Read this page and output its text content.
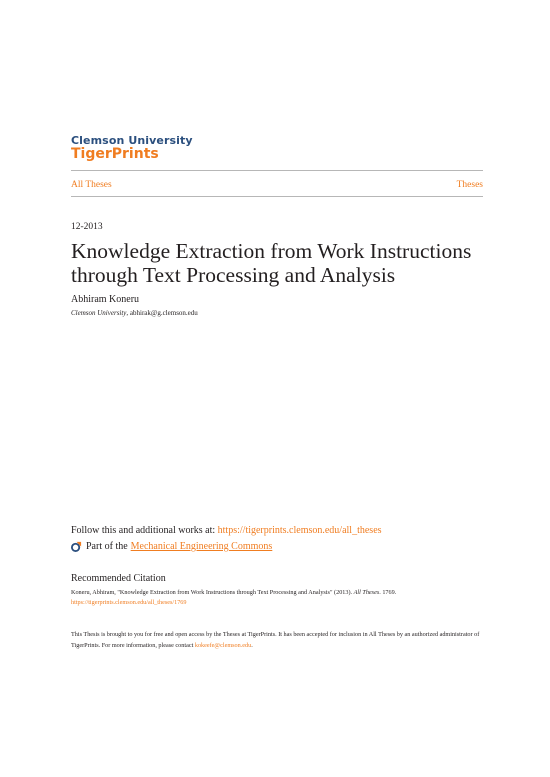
Clemson University
TigerPrints
All Theses	Theses
12-2013
Knowledge Extraction from Work Instructions
through Text Processing and Analysis
Abhiram Koneru
Clemson University, abhirak@g.clemson.edu
Follow this and additional works at: https://tigerprints.clemson.edu/all_theses
Part of the Mechanical Engineering Commons
Recommended Citation
Koneru, Abhiram, "Knowledge Extraction from Work Instructions through Text Processing and Analysis" (2013). All Theses. 1769.
https://tigerprints.clemson.edu/all_theses/1769
This Thesis is brought to you for free and open access by the Theses at TigerPrints. It has been accepted for inclusion in All Theses by an authorized administrator of TigerPrints. For more information, please contact kokeefe@clemson.edu.
